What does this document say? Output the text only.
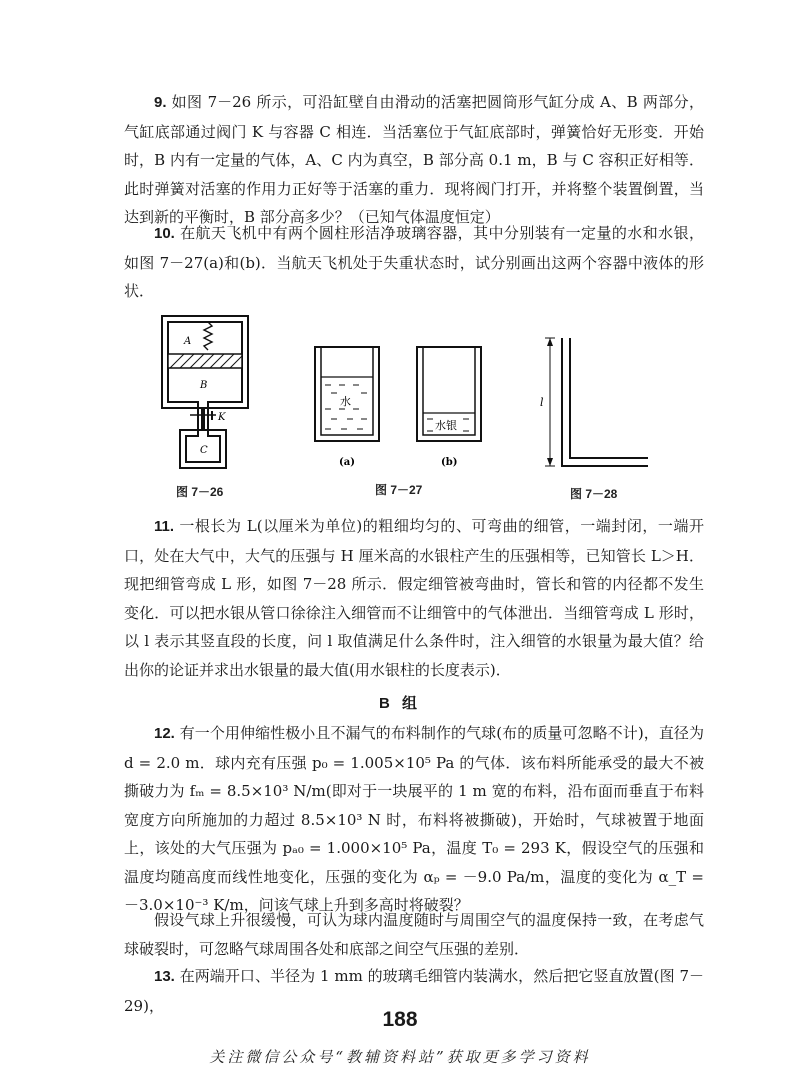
9. 如图 7－26 所示，可沿缸壁自由滑动的活塞把圆筒形气缸分成 A、B 两部分，气缸底部通过阀门 K 与容器 C 相连．当活塞位于气缸底部时，弹簧恰好无形变．开始时，B 内有一定量的气体，A、C 内为真空，B 部分高 0.1 m，B 与 C 容积正好相等．此时弹簧对活塞的作用力正好等于活塞的重力．现将阀门打开，并将整个装置倒置，当达到新的平衡时，B 部分高多少？（已知气体温度恒定）

10. 在航天飞机中有两个圆柱形洁净玻璃容器，其中分别装有一定量的水和水银，如图 7－27(a)和(b)．当航天飞机处于失重状态时，试分别画出这两个容器中液体的形状．

A
B
K
C
图 7－26
水
水银
(a)	(b)
图 7－27
l
图 7－28

11. 一根长为 L(以厘米为单位)的粗细均匀的、可弯曲的细管，一端封闭，一端开口，处在大气中，大气的压强与 H 厘米高的水银柱产生的压强相等，已知管长 L＞H．现把细管弯成 L 形，如图 7－28 所示．假定细管被弯曲时，管长和管的内径都不发生变化．可以把水银从管口徐徐注入细管而不让细管中的气体泄出．当细管弯成 L 形时，以 l 表示其竖直段的长度，问 l 取值满足什么条件时，注入细管的水银量为最大值？给出你的论证并求出水银量的最大值(用水银柱的长度表示)．

B 组

12. 有一个用伸缩性极小且不漏气的布料制作的气球(布的质量可忽略不计)，直径为 d = 2.0 m．球内充有压强 p₀ = 1.005×10⁵ Pa 的气体．该布料所能承受的最大不被撕破力为 fₘ = 8.5×10³ N/m(即对于一块展平的 1 m 宽的布料，沿布面而垂直于布料宽度方向所施加的力超过 8.5×10³ N 时，布料将被撕破)，开始时，气球被置于地面上，该处的大气压强为 pₐ₀ = 1.000×10⁵ Pa，温度 T₀ = 293 K，假设空气的压强和温度均随高度而线性地变化，压强的变化为 αₚ = －9.0 Pa/m，温度的变化为 α_T = －3.0×10⁻³ K/m，问该气球上升到多高时将破裂？

假设气球上升很缓慢，可认为球内温度随时与周围空气的温度保持一致，在考虑气球破裂时，可忽略气球周围各处和底部之间空气压强的差别．

13. 在两端开口、半径为 1 mm 的玻璃毛细管内装满水，然后把它竖直放置(图 7－29)，

188
关注微信公众号“教辅资料站”获取更多学习资料
